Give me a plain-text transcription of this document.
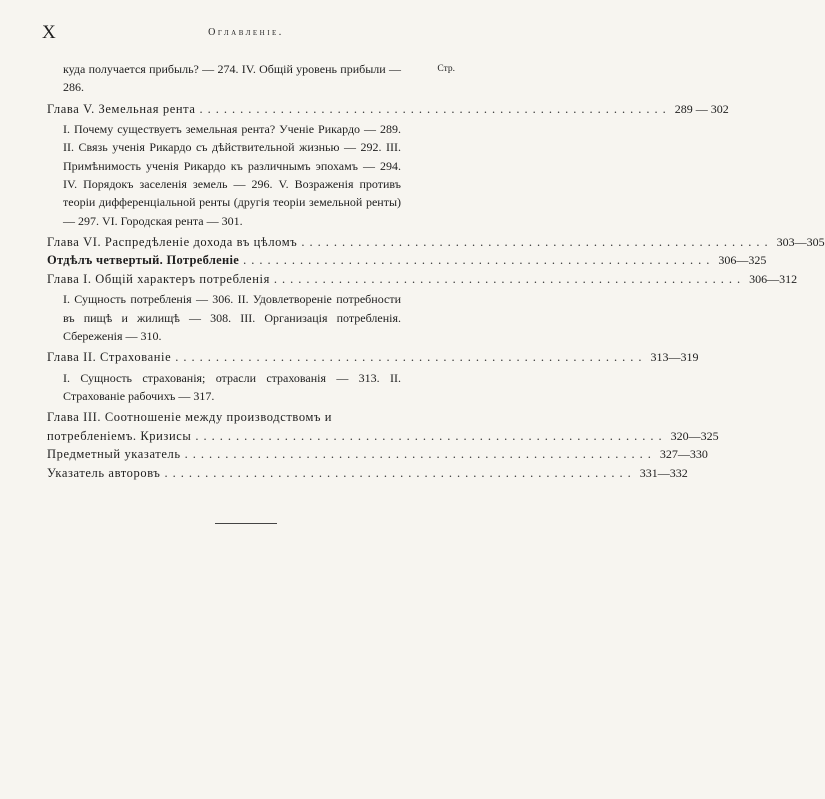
X	Оглавленіе.
куда получается прибыль? — 274. IV. Общій уровень прибыли — 286.
Стр.
Глава V. Земельная рента .......................................................... 289 — 302
I. Почему существуетъ земельная рента? Ученіе Рикардо — 289. II. Связь ученія Рикардо съ дѣйствительной жизнью — 292. III. Примѣнимость ученія Рикардо къ различнымъ эпохамъ — 294. IV. Порядокъ заселенія земель — 296. V. Возраженія противъ теоріи дифференціальной ренты (другія теоріи земельной ренты) — 297. VI. Городская рента — 301.
Глава VI. Распредѣленіе дохода въ цѣломъ .......................................................... 303—305
Отдѣлъ четвертый. Потребленіе .......................................................... 306—325
Глава I. Общій характеръ потребленія .......................................................... 306—312
I. Сущность потребленія — 306. II. Удовлетвореніе потребности въ пищѣ и жилищѣ — 308. III. Организація потребленія. Сбереженія — 310.
Глава II. Страхованіе .......................................................... 313—319
I. Сущность страхованія; отрасли страхованія — 313. II. Страхованіе рабочихъ — 317.
Глава III. Соотношеніе между производствомъ и
потребленіемъ. Кризисы .......................................................... 320—325
Предметный указатель .......................................................... 327—330
Указатель авторовъ .......................................................... 331—332
